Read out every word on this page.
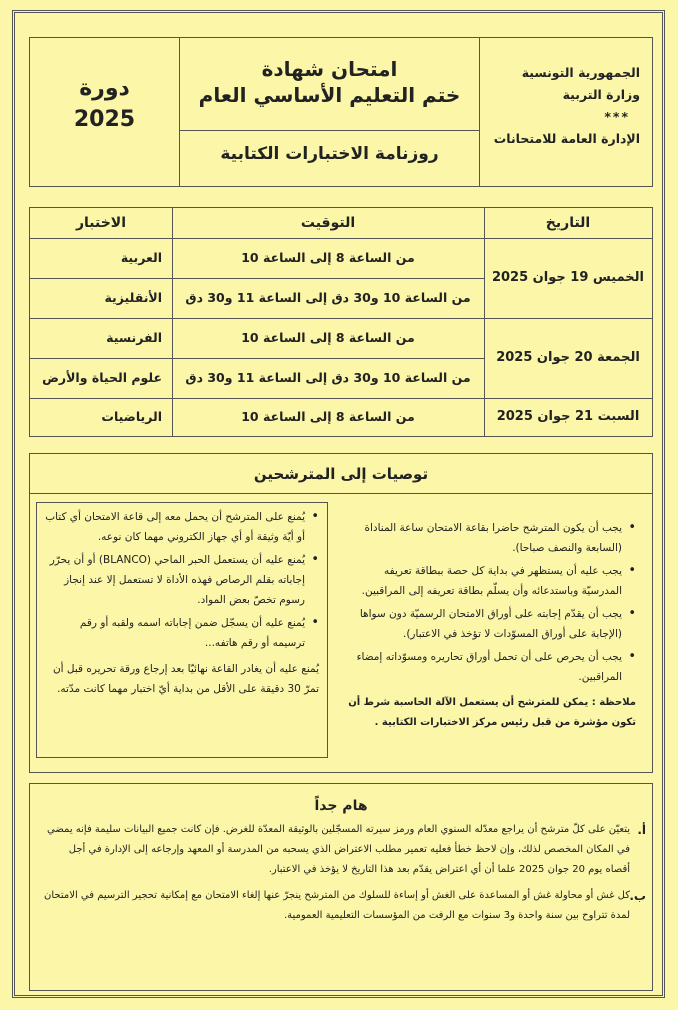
دورة
2025
امتحان شهادة
ختم التعليم الأساسي العام
روزنامة الاختبارات الكتابية
الجمهورية التونسية
وزارة التربية
***
الإدارة العامة للامتحانات
الاختبار	التوقيت	التاريخ
الخميس 19 جوان 2025
من الساعة 8 إلى الساعة 10
العربية
من الساعة 10 و30 دق إلى الساعة 11 و30 دق
الأنقليزية
الجمعة 20 جوان 2025
من الساعة 8 إلى الساعة 10
الفرنسية
من الساعة 10 و30 دق إلى الساعة 11 و30 دق
علوم الحياة والأرض
السبت 21 جوان 2025
من الساعة 8 إلى الساعة 10
الرياضيات
توصيات إلى المترشحين
• يجب أن يكون المترشح حاضرا بقاعة الامتحان ساعة المناداة (السابعة والنصف صباحا).
• يجب عليه أن يستظهر في بداية كل حصة ببطاقة تعريفه المدرسيّة وباستدعائه وأن يسلّم بطاقة تعريفه إلى المراقبين.
• يجب أن يقدّم إجابته على أوراق الامتحان الرسميّة دون سواها (الإجابة على أوراق المسوّدات لا تؤخذ في الاعتبار).
• يجب أن يحرص على أن تحمل أوراق تحاريره ومسوّداته إمضاء المراقبين.
ملاحظة : يمكن للمترشح أن يستعمل الآلة الحاسبة شرط أن تكون مؤشرة من قبل رئيس مركز الاختبارات الكتابية .
• يُمنع على المترشح أن يحمل معه إلى قاعة الامتحان أي كتاب أو أيّة وثيقة أو أي جهاز الكتروني مهما كان نوعه.
• يُمنع عليه أن يستعمل الحبر الماحي (BLANCO) أو أن يحرّر إجاباته بقلم الرصاص فهذه الأداة لا تستعمل إلا عند إنجاز رسوم تخصّ بعض المواد.
• يُمنع عليه أن يسجّل ضمن إجاباته اسمه ولقبه أو رقم ترسيمه أو رقم هاتفه...
يُمنع عليه أن يغادر القاعة نهائيّا بعد إرجاع ورقة تحريره قبل أن تمرّ 30 دقيقة على الأقل من بداية أيّ اختبار مهما كانت مدّته.
هام جداً
أ.
يتعيّن على كلّ مترشح أن يراجع معدّله السنوي العام ورمز سيرته المسجّلين بالوثيقة المعدّة للغرض. فإن كانت جميع البيانات سليمة فإنه يمضي في المكان المخصص لذلك، وإن لاحظ خطأ فعليه تعمير مطلب الاعتراض الذي يسحبه من المدرسة أو المعهد وإرجاعه إلى الإدارة في أجل أقصاه يوم 20 جوان 2025 علما أن أي اعتراض يقدّم بعد هذا التاريخ لا يؤخذ في الاعتبار.
ب.
كل غش أو محاولة غش أو المساعدة على الغش أو إساءة للسلوك من المترشح ينجرّ عنها إلغاء الامتحان مع إمكانية تحجير الترسيم في الامتحان لمدة تتراوح بين سنة واحدة و3 سنوات مع الرفت من المؤسسات التعليمية العمومية.
